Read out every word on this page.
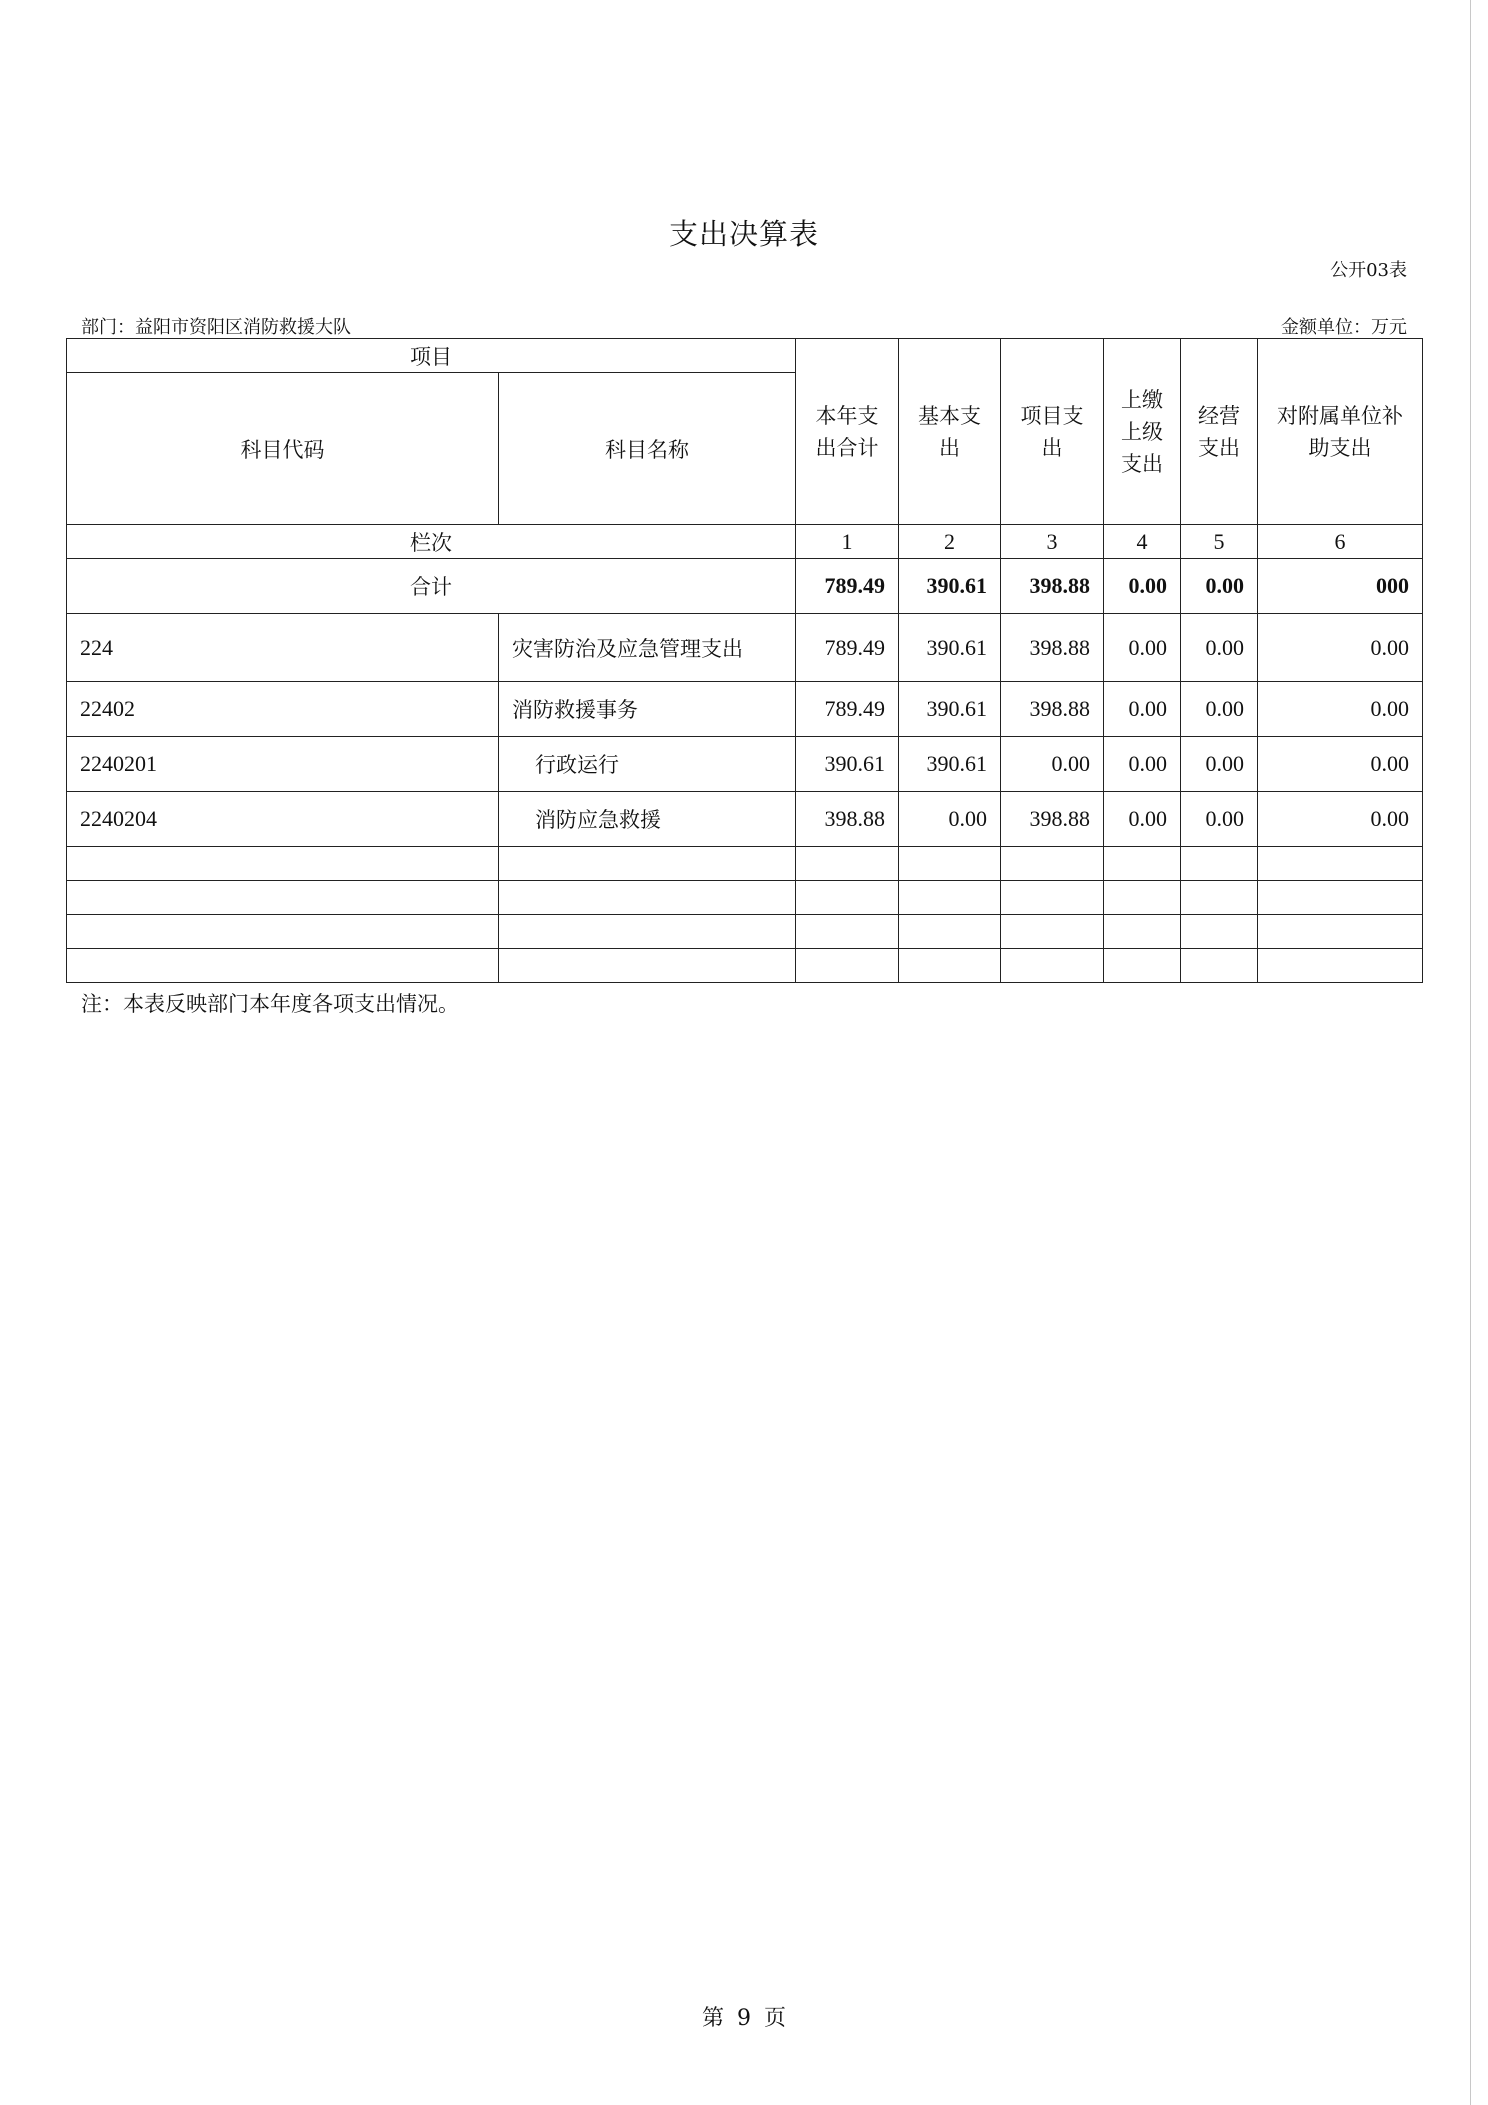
支出决算表
公开03表
部门：益阳市资阳区消防救援大队	金额单位：万元
项目		本年支出合计	基本支出	项目支出	上缴上级支出	经营支出	对附属单位补助支出
科目代码	科目名称						
栏次		1	2	3	4	5	6
合计		789.49	390.61	398.88	0.00	0.00	000
224	灾害防治及应急管理支出	789.49	390.61	398.88	0.00	0.00	0.00
22402	消防救援事务	789.49	390.61	398.88	0.00	0.00	0.00
2240201	行政运行	390.61	390.61	0.00	0.00	0.00	0.00
2240204	消防应急救援	398.88	0.00	398.88	0.00	0.00	0.00

注：本表反映部门本年度各项支出情况。
第 9 页
